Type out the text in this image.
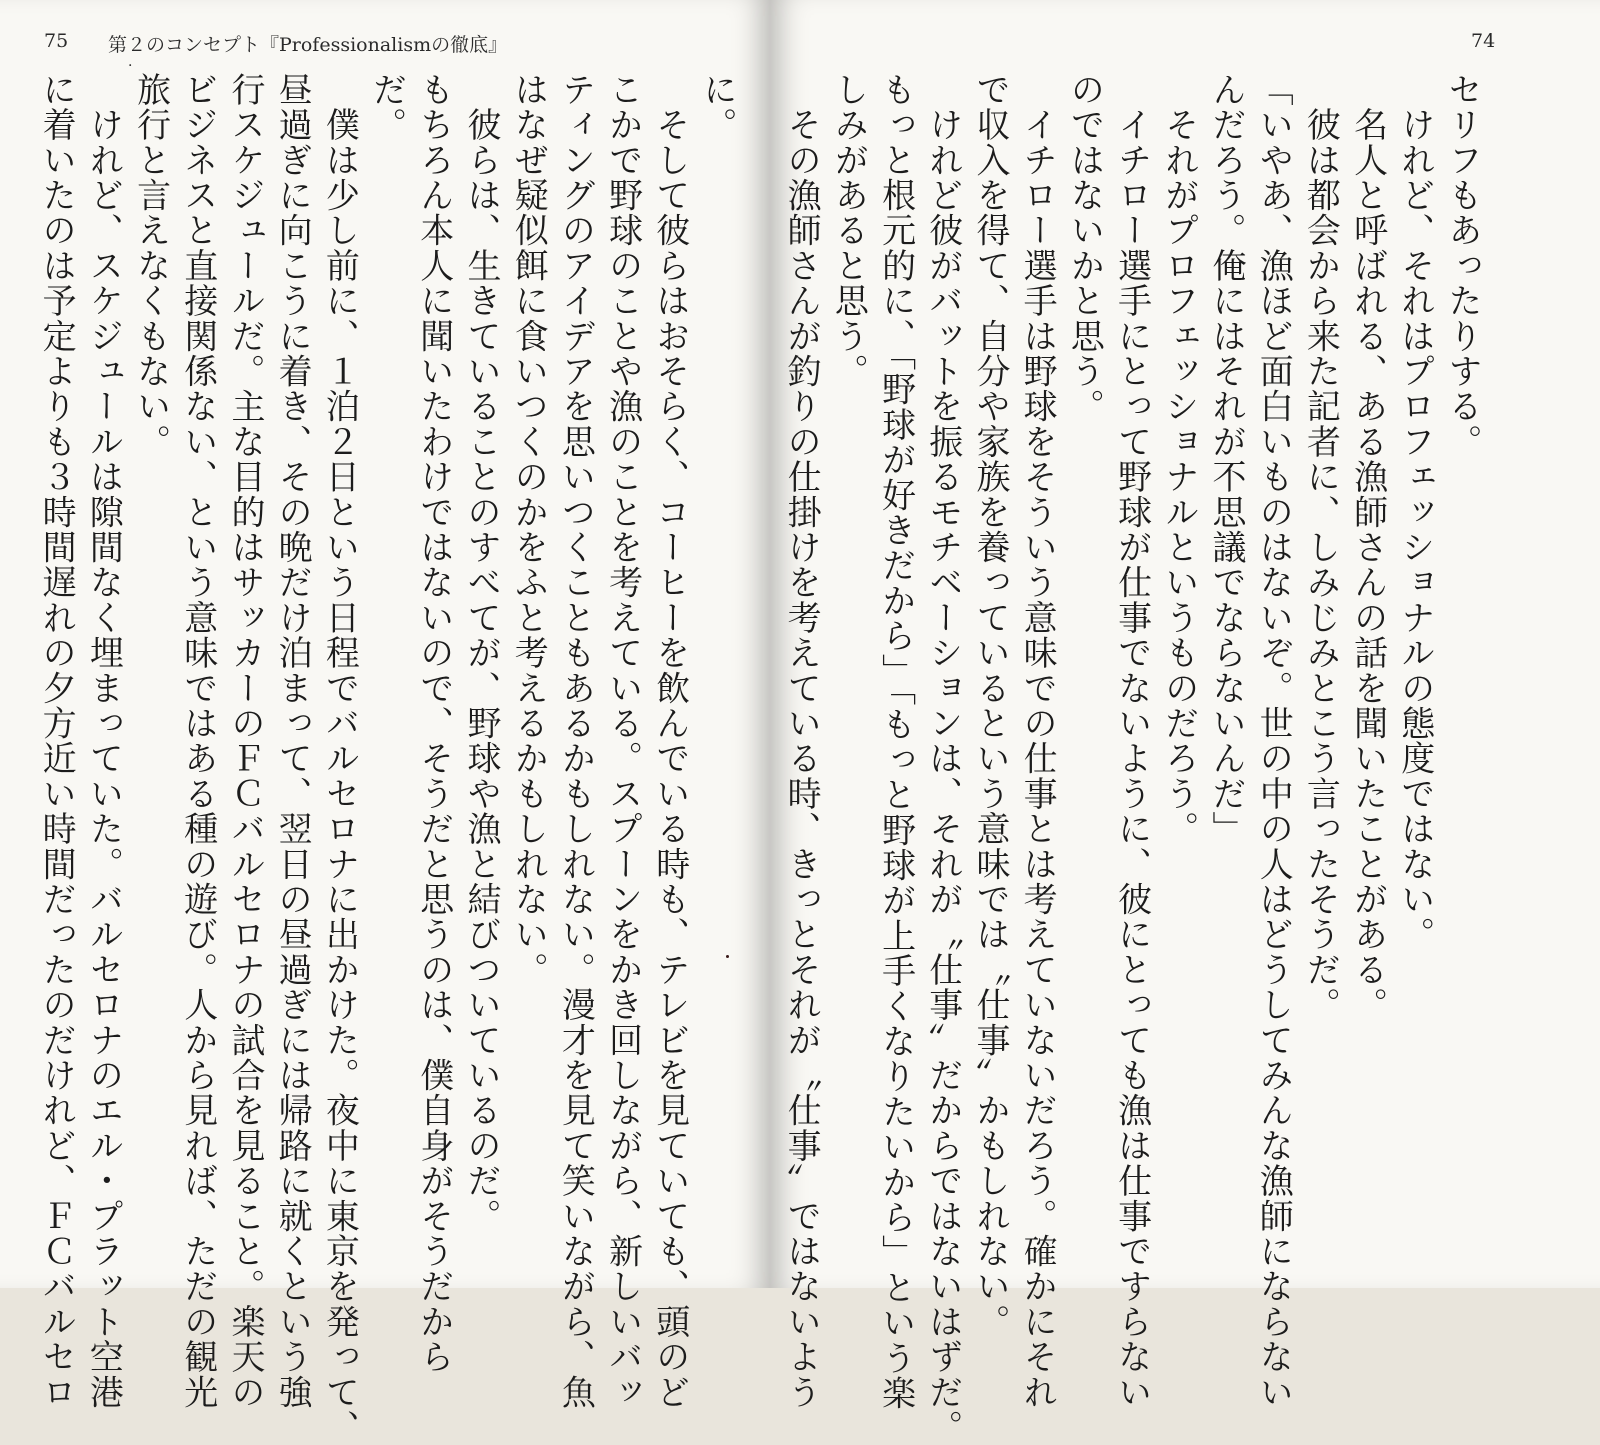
75 第２のコンセプト『Professionalismの徹底』
·
に。
　そして彼らはおそらく、コーヒーを飲んでいる時も、テレビを見ていても、頭のど
こかで野球のことや漁のことを考えている。スプーンをかき回しながら、新しいバッ
ティングのアイデアを思いつくこともあるかもしれない。漫才を見て笑いながら、魚
はなぜ疑似餌に食いつくのかをふと考えるかもしれない。
　彼らは、生きていることのすべてが、野球や漁と結びついているのだ。
もちろん本人に聞いたわけではないので、そうだと思うのは、僕自身がそうだから
だ。
　僕は少し前に、１泊２日という日程でバルセロナに出かけた。夜中に東京を発って、
昼過ぎに向こうに着き、その晩だけ泊まって、翌日の昼過ぎには帰路に就くという強
行スケジュールだ。主な目的はサッカーのＦＣバルセロナの試合を見ること。楽天の
ビジネスと直接関係ない、という意味ではある種の遊び。人から見れば、ただの観光
旅行と言えなくもない。
　けれど、スケジュールは隙間なく埋まっていた。バルセロナのエル・プラット空港
に着いたのは予定よりも３時間遅れの夕方近い時間だったのだけれど、ＦＣバルセロ
74
セリフもあったりする。
　けれど、それはプロフェッショナルの態度ではない。
　名人と呼ばれる、ある漁師さんの話を聞いたことがある。
　彼は都会から来た記者に、しみじみとこう言ったそうだ。
「いやあ、漁ほど面白いものはないぞ。世の中の人はどうしてみんな漁師にならない
んだろう。俺にはそれが不思議でならないんだ」
　それがプロフェッショナルというものだろう。
　イチロー選手にとって野球が仕事でないように、彼にとっても漁は仕事ですらない
のではないかと思う。
　イチロー選手は野球をそういう意味での仕事とは考えていないだろう。確かにそれ
で収入を得て、自分や家族を養っているという意味では〝仕事〟かもしれない。
　けれど彼がバットを振るモチベーションは、それが〝仕事〟だからではないはずだ。
もっと根元的に、「野球が好きだから」「もっと野球が上手くなりたいから」という楽
しみがあると思う。
　その漁師さんが釣りの仕掛けを考えている時、きっとそれが〝仕事〟ではないよう
